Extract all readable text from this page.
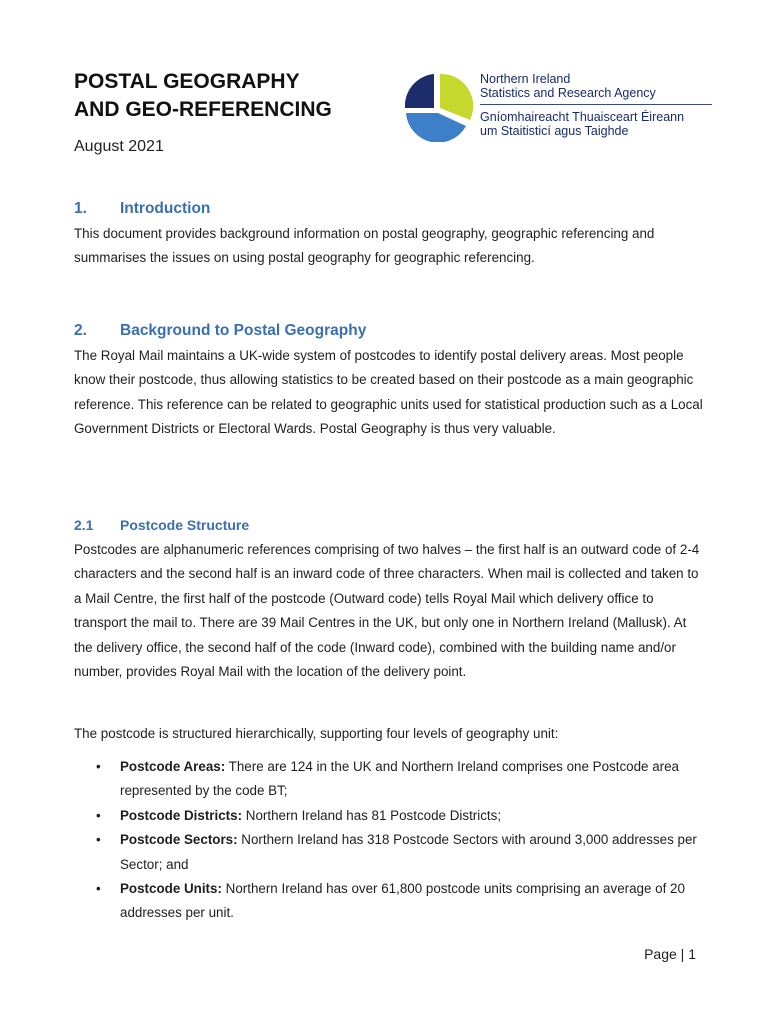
POSTAL GEOGRAPHY
AND GEO-REFERENCING
August 2021
Northern Ireland
Statistics and Research Agency
Gníomhaireacht Thuaisceart Éireann
um Staitisticí agus Taighde
1. Introduction

This document provides background information on postal geography, geographic referencing and summarises the issues on using postal geography for geographic referencing.

2. Background to Postal Geography

The Royal Mail maintains a UK-wide system of postcodes to identify postal delivery areas. Most people know their postcode, thus allowing statistics to be created based on their postcode as a main geographic reference. This reference can be related to geographic units used for statistical production such as a Local Government Districts or Electoral Wards. Postal Geography is thus very valuable.

2.1 Postcode Structure

Postcodes are alphanumeric references comprising of two halves – the first half is an outward code of 2-4 characters and the second half is an inward code of three characters. When mail is collected and taken to a Mail Centre, the first half of the postcode (Outward code) tells Royal Mail which delivery office to transport the mail to. There are 39 Mail Centres in the UK, but only one in Northern Ireland (Mallusk). At the delivery office, the second half of the code (Inward code), combined with the building name and/or number, provides Royal Mail with the location of the delivery point.

The postcode is structured hierarchically, supporting four levels of geography unit:

• Postcode Areas: There are 124 in the UK and Northern Ireland comprises one Postcode area represented by the code BT;
• Postcode Districts: Northern Ireland has 81 Postcode Districts;
• Postcode Sectors: Northern Ireland has 318 Postcode Sectors with around 3,000 addresses per Sector; and
• Postcode Units: Northern Ireland has over 61,800 postcode units comprising an average of 20 addresses per unit.
Page | 1
